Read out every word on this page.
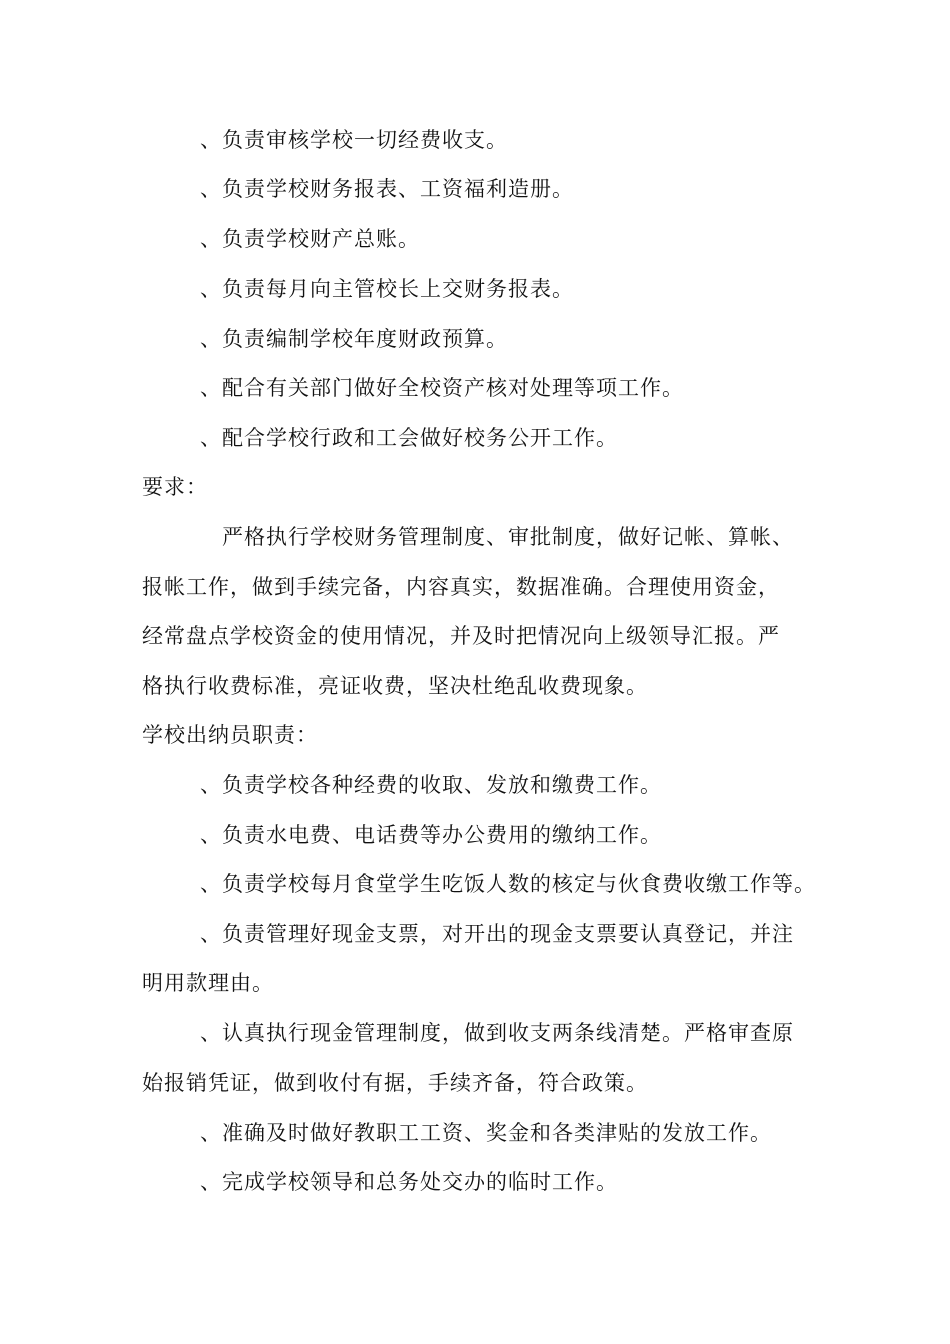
、负责审核学校一切经费收支。
、负责学校财务报表、工资福利造册。
、负责学校财产总账。
、负责每月向主管校长上交财务报表。
、负责编制学校年度财政预算。
、配合有关部门做好全校资产核对处理等项工作。
、配合学校行政和工会做好校务公开工作。
要求：
严格执行学校财务管理制度、审批制度，做好记帐、算帐、
报帐工作，做到手续完备，内容真实，数据准确。合理使用资金，
经常盘点学校资金的使用情况，并及时把情况向上级领导汇报。严
格执行收费标准，亮证收费，坚决杜绝乱收费现象。
学校出纳员职责：
、负责学校各种经费的收取、发放和缴费工作。
、负责水电费、电话费等办公费用的缴纳工作。
、负责学校每月食堂学生吃饭人数的核定与伙食费收缴工作等。
、负责管理好现金支票，对开出的现金支票要认真登记，并注
明用款理由。
、认真执行现金管理制度，做到收支两条线清楚。严格审查原
始报销凭证，做到收付有据，手续齐备，符合政策。
、准确及时做好教职工工资、奖金和各类津贴的发放工作。
、完成学校领导和总务处交办的临时工作。
